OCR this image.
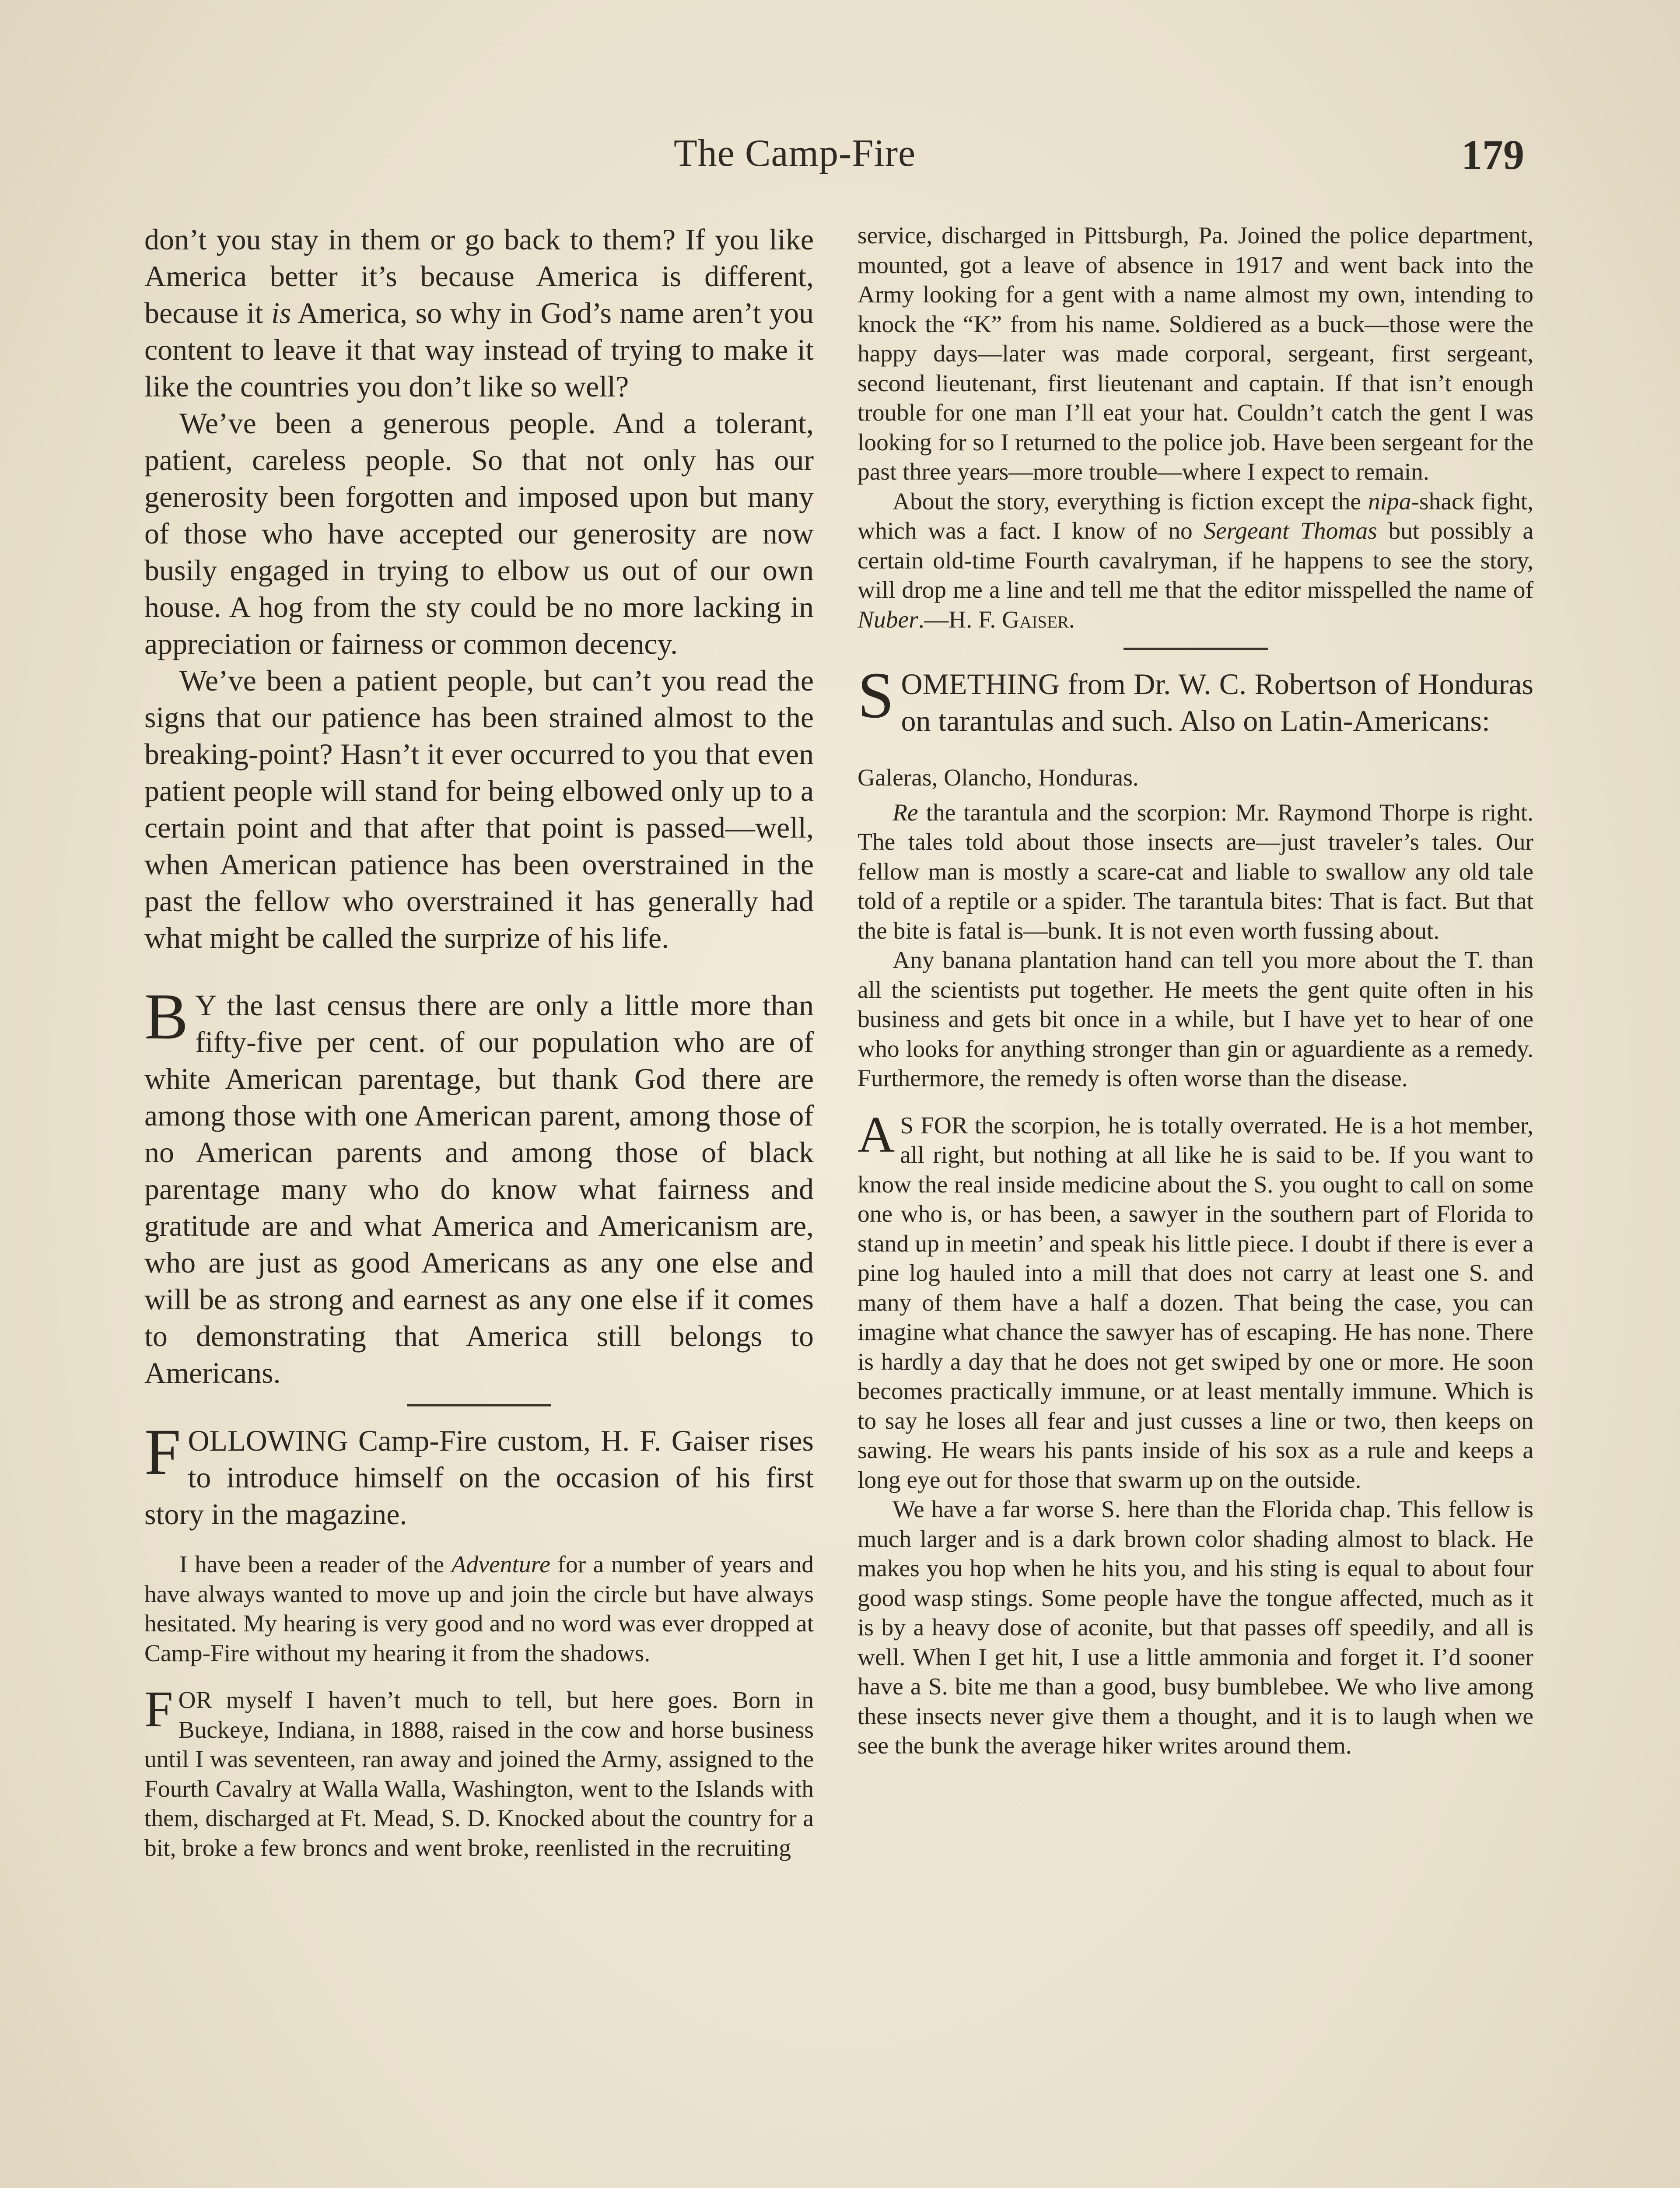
The Camp-Fire	179

don’t you stay in them or go back to them? If you like America better it’s because America is different, because it is America, so why in God’s name aren’t you content to leave it that way instead of trying to make it like the countries you don’t like so well?

We’ve been a generous people. And a tolerant, patient, careless people. So that not only has our generosity been forgotten and imposed upon but many of those who have accepted our generosity are now busily engaged in trying to elbow us out of our own house. A hog from the sty could be no more lacking in appreciation or fairness or common decency.

We’ve been a patient people, but can’t you read the signs that our patience has been strained almost to the breaking-point? Hasn’t it ever occurred to you that even patient people will stand for being elbowed only up to a certain point and that after that point is passed—well, when American patience has been overstrained in the past the fellow who overstrained it has generally had what might be called the surprize of his life.

B Y the last census there are only a little more than fifty-five per cent. of our population who are of white American parentage, but thank God there are among those with one American parent, among those of no American parents and among those of black parentage many who do know what fairness and gratitude are and what America and Americanism are, who are just as good Americans as any one else and will be as strong and earnest as any one else if it comes to demonstrating that America still belongs to Americans.

FOLLOWING Camp-Fire custom, H. F. Gaiser rises to introduce himself on the occasion of his first story in the magazine.

I have been a reader of the Adventure for a number of years and have always wanted to move up and join the circle but have always hesitated. My hearing is very good and no word was ever dropped at Camp-Fire without my hearing it from the shadows.

FOR myself I haven’t much to tell, but here goes. Born in Buckeye, Indiana, in 1888, raised in the cow and horse business until I was seventeen, ran away and joined the Army, assigned to the Fourth Cavalry at Walla Walla, Washington, went to the Islands with them, discharged at Ft. Mead, S. D. Knocked about the country for a bit, broke a few broncs and went broke, reenlisted in the recruiting

service, discharged in Pittsburgh, Pa. Joined the police department, mounted, got a leave of absence in 1917 and went back into the Army looking for a gent with a name almost my own, intending to knock the “K” from his name. Soldiered as a buck—those were the happy days—later was made corporal, sergeant, first sergeant, second lieutenant, first lieutenant and captain. If that isn’t enough trouble for one man I’ll eat your hat. Couldn’t catch the gent I was looking for so I returned to the police job. Have been sergeant for the past three years—more trouble—where I expect to remain.

About the story, everything is fiction except the nipa-shack fight, which was a fact. I know of no Sergeant Thomas but possibly a certain old-time Fourth cavalryman, if he happens to see the story, will drop me a line and tell me that the editor misspelled the name of Nuber.—H. F. Gaiser.

SOMETHING from Dr. W. C. Robertson of Honduras on tarantulas and such. Also on Latin-Americans:

Galeras, Olancho, Honduras.

Re the tarantula and the scorpion: Mr. Raymond Thorpe is right. The tales told about those insects are—just traveler’s tales. Our fellow man is mostly a scare-cat and liable to swallow any old tale told of a reptile or a spider. The tarantula bites: That is fact. But that the bite is fatal is—bunk. It is not even worth fussing about.

Any banana plantation hand can tell you more about the T. than all the scientists put together. He meets the gent quite often in his business and gets bit once in a while, but I have yet to hear of one who looks for anything stronger than gin or aguardiente as a remedy. Furthermore, the remedy is often worse than the disease.

A S FOR the scorpion, he is totally overrated. He is a hot member, all right, but nothing at all like he is said to be. If you want to know the real inside medicine about the S. you ought to call on some one who is, or has been, a sawyer in the southern part of Florida to stand up in meetin’ and speak his little piece. I doubt if there is ever a pine log hauled into a mill that does not carry at least one S. and many of them have a half a dozen. That being the case, you can imagine what chance the sawyer has of escaping. He has none. There is hardly a day that he does not get swiped by one or more. He soon becomes practically immune, or at least mentally immune. Which is to say he loses all fear and just cusses a line or two, then keeps on sawing. He wears his pants inside of his sox as a rule and keeps a long eye out for those that swarm up on the outside.

We have a far worse S. here than the Florida chap. This fellow is much larger and is a dark brown color shading almost to black. He makes you hop when he hits you, and his sting is equal to about four good wasp stings. Some people have the tongue affected, much as it is by a heavy dose of aconite, but that passes off speedily, and all is well. When I get hit, I use a little ammonia and forget it. I’d sooner have a S. bite me than a good, busy bumblebee. We who live among these insects never give them a thought, and it is to laugh when we see the bunk the average hiker writes around them.
